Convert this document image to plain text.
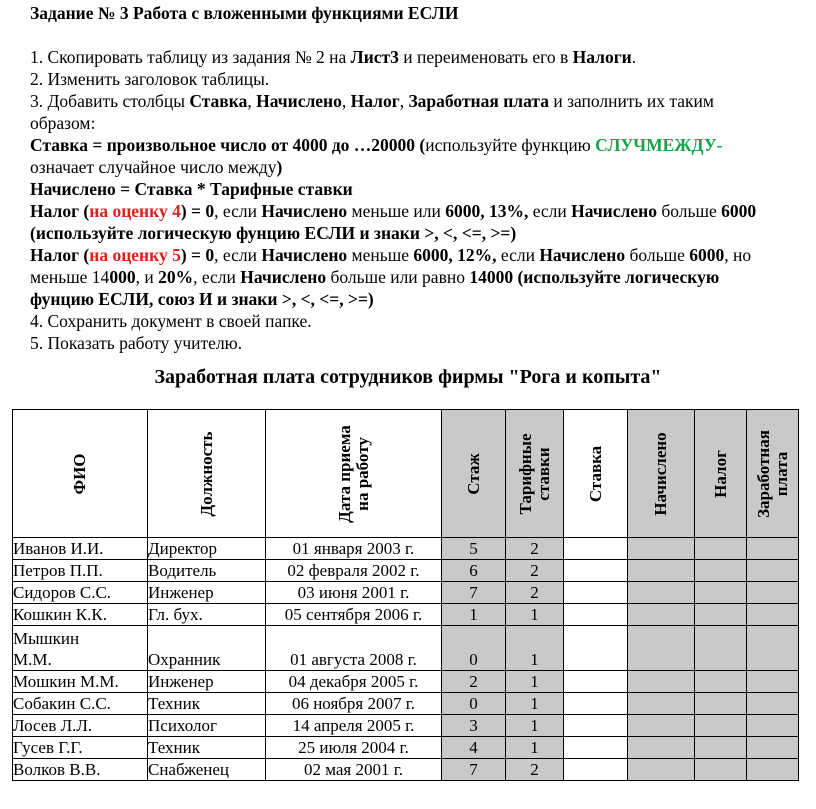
Задание № 3 Работа с вложенными функциями ЕСЛИ
1. Скопировать таблицу из задания № 2 на Лист3 и переименовать его в Налоги.
2. Изменить заголовок таблицы.
3. Добавить столбцы Ставка, Начислено, Налог, Заработная плата и заполнить их таким
образом:
Ставка = произвольное число от 4000 до …20000 (используйте функцию СЛУЧМЕЖДУ-
означает случайное число между)
Начислено = Ставка * Тарифные ставки
Налог (на оценку 4) = 0, если Начислено меньше или 6000, 13%, если Начислено больше 6000
(используйте логическую фунцию ЕСЛИ и знаки >, <, <=, >=)
Налог (на оценку 5) = 0, если Начислено меньше 6000, 12%, если Начислено больше 6000, но
меньше 14000, и 20%, если Начислено больше или равно 14000 (используйте логическую
фунцию ЕСЛИ, союз И и знаки >, <, <=, >=)
4. Сохранить документ в своей папке.
5. Показать работу учителю.
Заработная плата сотрудников фирмы "Рога и копыта"
ФИО	Должность	Дата приема
на работу	Стаж	Тарифные
ставки	Ставка	Начислено	Налог	Заработная
плата

Иванов И.И.	Директор	01 января 2003 г.	5	2				
Петров П.П.	Водитель	02 февраля 2002 г.	6	2				
Сидоров С.С.	Инженер	03 июня 2001 г.	7	2				
Кошкин К.К.	Гл. бух.	05 сентября 2006 г.	1	1				
Мышкин
М.М.	Охранник	01 августа 2008 г.	0	1				
Мошкин М.М.	Инженер	04 декабря 2005 г.	2	1				
Собакин С.С.	Техник	06 ноября 2007 г.	0	1				
Лосев Л.Л.	Психолог	14 апреля 2005 г.	3	1				
Гусев Г.Г.	Техник	25 июля 2004 г.	4	1				
Волков В.В.	Снабженец	02 мая 2001 г.	7	2				
